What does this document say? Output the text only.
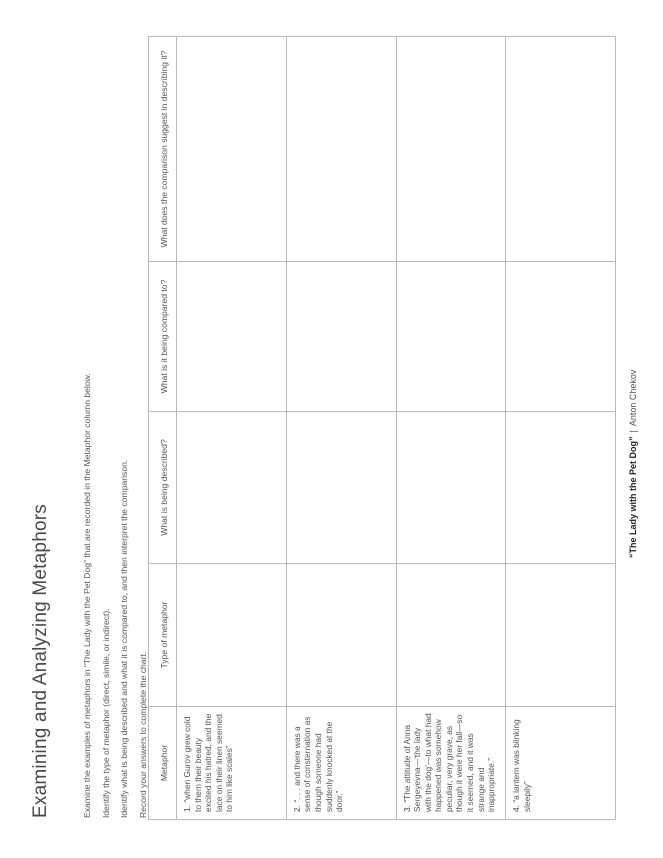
Examining and Analyzing Metaphors	Examine the examples of metaphors in “The Lady with the Pet Dog” that are recorded in the Metaphor column below. Identify the type of metaphor (direct, simile, or indirect). Identify what is being described and what it is compared to, and then interpret the comparison. Record your answers to complete the chart.	Metaphor	Type of metaphor	What is being described?	What is it being compared to?	What does the comparison suggest in describing it?
1. “when Gurov grew cold to them their beauty excited his hatred, and the lace on their linen seemed to him like scales”				
2. “. . . and there was a sense of consternation as though someone had suddenly knocked at the door.”				
3. “The attitude of Anna Sergeyevna—‘the lady with the dog’—to what had happened was somehow peculiar, very grave, as though it were her fall—so it seemed, and it was strange and inappropriate.”				
4. “a lantern was blinking sleepily”				
“The Lady with the Pet Dog”|Anton Chekov
